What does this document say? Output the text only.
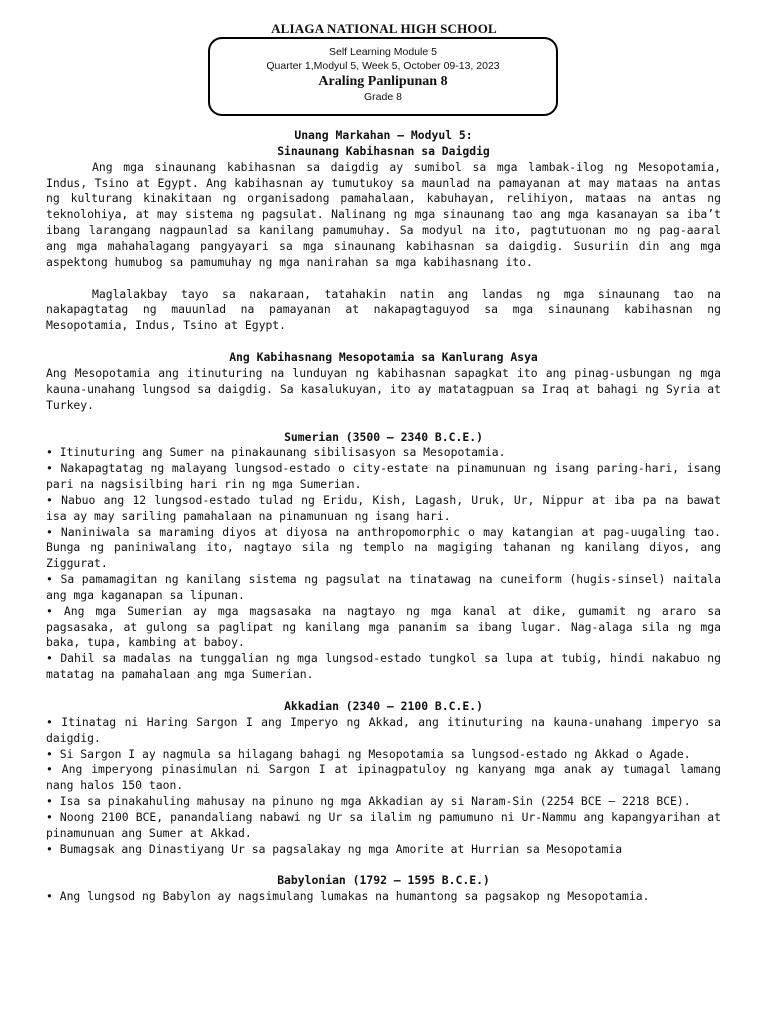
ALIAGA NATIONAL HIGH SCHOOL
Self Learning Module 5
Quarter 1,Modyul 5, Week 5, October 09-13, 2023
Araling Panlipunan 8
Grade 8
Unang Markahan – Modyul 5:
Sinaunang Kabihasnan sa Daigdig

Ang mga sinaunang kabihasnan sa daigdig ay sumibol sa mga lambak-ilog ng Mesopotamia, Indus, Tsino at Egypt. Ang kabihasnan ay tumutukoy sa maunlad na pamayanan at may mataas na antas ng kulturang kinakitaan ng organisadong pamahalaan, kabuhayan, relihiyon, mataas na antas ng teknolohiya, at may sistema ng pagsulat. Nalinang ng mga sinaunang tao ang mga kasanayan sa iba’t ibang larangang nagpaunlad sa kanilang pamumuhay. Sa modyul na ito, pagtutuonan mo ng pag-aaral ang mga mahahalagang pangyayari sa mga sinaunang kabihasnan sa daigdig. Susuriin din ang mga aspektong humubog sa pamumuhay ng mga nanirahan sa mga kabihasnang ito.

Maglalakbay tayo sa nakaraan, tatahakin natin ang landas ng mga sinaunang tao na nakapagtatag ng mauunlad na pamayanan at nakapagtaguyod sa mga sinaunang kabihasnan ng Mesopotamia, Indus, Tsino at Egypt.

Ang Kabihasnang Mesopotamia sa Kanlurang Asya

Ang Mesopotamia ang itinuturing na lunduyan ng kabihasnan sapagkat ito ang pinag-usbungan ng mga kauna-unahang lungsod sa daigdig. Sa kasalukuyan, ito ay matatagpuan sa Iraq at bahagi ng Syria at Turkey.

Sumerian (3500 – 2340 B.C.E.)
• Itinuturing ang Sumer na pinakaunang sibilisasyon sa Mesopotamia.
• Nakapagtatag ng malayang lungsod-estado o city-estate na pinamunuan ng isang paring-hari, isang pari na nagsisilbing hari rin ng mga Sumerian.
• Nabuo ang 12 lungsod-estado tulad ng Eridu, Kish, Lagash, Uruk, Ur, Nippur at iba pa na bawat isa ay may sariling pamahalaan na pinamunuan ng isang hari.
• Naniniwala sa maraming diyos at diyosa na anthropomorphic o may katangian at pag-uugaling tao. Bunga ng paniniwalang ito, nagtayo sila ng templo na magiging tahanan ng kanilang diyos, ang Ziggurat.
• Sa pamamagitan ng kanilang sistema ng pagsulat na tinatawag na cuneiform (hugis-sinsel) naitala ang mga kaganapan sa lipunan.
• Ang mga Sumerian ay mga magsasaka na nagtayo ng mga kanal at dike, gumamit ng araro sa pagsasaka, at gulong sa paglipat ng kanilang mga pananim sa ibang lugar. Nag-alaga sila ng mga baka, tupa, kambing at baboy.
• Dahil sa madalas na tunggalian ng mga lungsod-estado tungkol sa lupa at tubig, hindi nakabuo ng matatag na pamahalaan ang mga Sumerian.
Akkadian (2340 – 2100 B.C.E.)
• Itinatag ni Haring Sargon I ang Imperyo ng Akkad, ang itinuturing na kauna-unahang imperyo sa daigdig.
• Si Sargon I ay nagmula sa hilagang bahagi ng Mesopotamia sa lungsod-estado ng Akkad o Agade.
• Ang imperyong pinasimulan ni Sargon I at ipinagpatuloy ng kanyang mga anak ay tumagal lamang nang halos 150 taon.
• Isa sa pinakahuling mahusay na pinuno ng mga Akkadian ay si Naram-Sin (2254 BCE – 2218 BCE).
• Noong 2100 BCE, panandaliang nabawi ng Ur sa ilalim ng pamumuno ni Ur-Nammu ang kapangyarihan at pinamunuan ang Sumer at Akkad.
• Bumagsak ang Dinastiyang Ur sa pagsalakay ng mga Amorite at Hurrian sa Mesopotamia
Babylonian (1792 – 1595 B.C.E.)
• Ang lungsod ng Babylon ay nagsimulang lumakas na humantong sa pagsakop ng Mesopotamia.
